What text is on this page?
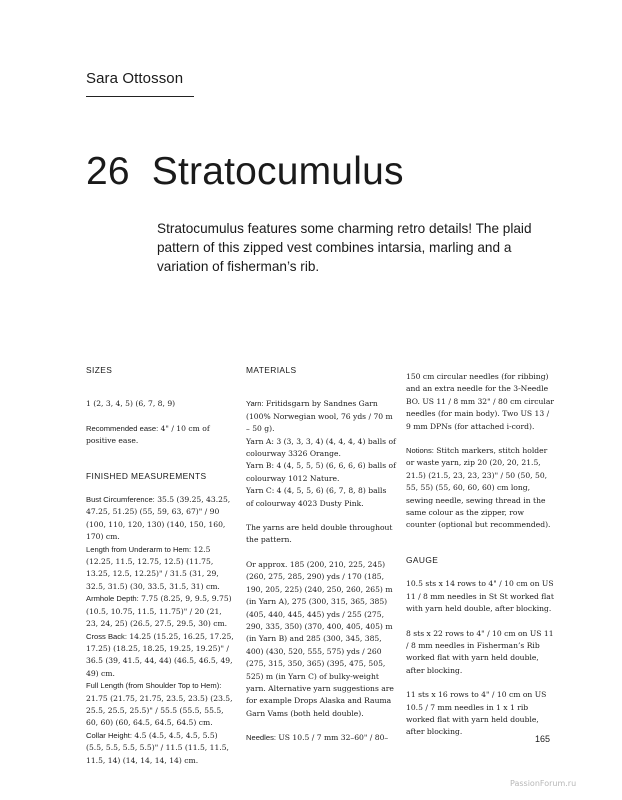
Sara Ottosson
26 Stratocumulus
Stratocumulus features some charming retro details! The plaid pattern of this zipped vest combines intarsia, marling and a variation of fisherman’s rib.

SIZES

1 (2, 3, 4, 5) (6, 7, 8, 9)

Recommended ease: 4" / 10 cm of positive ease.

FINISHED MEASUREMENTS

Bust Circumference: 35.5 (39.25, 43.25, 47.25, 51.25) (55, 59, 63, 67)" / 90 (100, 110, 120, 130) (140, 150, 160, 170) cm.

Length from Underarm to Hem: 12.5 (12.25, 11.5, 12.75, 12.5) (11.75, 13.25, 12.5, 12.25)" / 31.5 (31, 29, 32.5, 31.5) (30, 33.5, 31.5, 31) cm.

Armhole Depth: 7.75 (8.25, 9, 9.5, 9.75) (10.5, 10.75, 11.5, 11.75)" / 20 (21, 23, 24, 25) (26.5, 27.5, 29.5, 30) cm.

Cross Back: 14.25 (15.25, 16.25, 17.25, 17.25) (18.25, 18.25, 19.25, 19.25)" / 36.5 (39, 41.5, 44, 44) (46.5, 46.5, 49, 49) cm.

Full Length (from Shoulder Top to Hem): 21.75 (21.75, 21.75, 23.5, 23.5) (23.5, 25.5, 25.5, 25.5)" / 55.5 (55.5, 55.5, 60, 60) (60, 64.5, 64.5, 64.5) cm.

Collar Height: 4.5 (4.5, 4.5, 4.5, 5.5) (5.5, 5.5, 5.5, 5.5)" / 11.5 (11.5, 11.5, 11.5, 14) (14, 14, 14, 14) cm.

MATERIALS

Yarn: Fritidsgarn by Sandnes Garn (100% Norwegian wool, 76 yds / 70 m – 50 g).

Yarn A: 3 (3, 3, 3, 4) (4, 4, 4, 4) balls of colourway 3326 Orange.

Yarn B: 4 (4, 5, 5, 5) (6, 6, 6, 6) balls of colourway 1012 Nature.

Yarn C: 4 (4, 5, 5, 6) (6, 7, 8, 8) balls of colourway 4023 Dusty Pink.

The yarns are held double throughout the pattern.

Or approx. 185 (200, 210, 225, 245) (260, 275, 285, 290) yds / 170 (185, 190, 205, 225) (240, 250, 260, 265) m (in Yarn A), 275 (300, 315, 365, 385) (405, 440, 445, 445) yds / 255 (275, 290, 335, 350) (370, 400, 405, 405) m (in Yarn B) and 285 (300, 345, 385, 400) (430, 520, 555, 575) yds / 260 (275, 315, 350, 365) (395, 475, 505, 525) m (in Yarn C) of bulky-weight yarn. Alternative yarn suggestions are for example Drops Alaska and Rauma Garn Vams (both held double).

Needles: US 10.5 / 7 mm 32–60" / 80–

150 cm circular needles (for ribbing) and an extra needle for the 3-Needle BO. US 11 / 8 mm 32" / 80 cm circular needles (for main body). Two US 13 / 9 mm DPNs (for attached i-cord).

Notions: Stitch markers, stitch holder or waste yarn, zip 20 (20, 20, 21.5, 21.5) (21.5, 23, 23, 23)" / 50 (50, 50, 55, 55) (55, 60, 60, 60) cm long, sewing needle, sewing thread in the same colour as the zipper, row counter (optional but recommended).

GAUGE

10.5 sts x 14 rows to 4" / 10 cm on US 11 / 8 mm needles in St St worked flat with yarn held double, after blocking.

8 sts x 22 rows to 4" / 10 cm on US 11 / 8 mm needles in Fisherman’s Rib worked flat with yarn held double, after blocking.

11 sts x 16 rows to 4" / 10 cm on US 10.5 / 7 mm needles in 1 x 1 rib worked flat with yarn held double, after blocking.

165
PassionForum.ru
